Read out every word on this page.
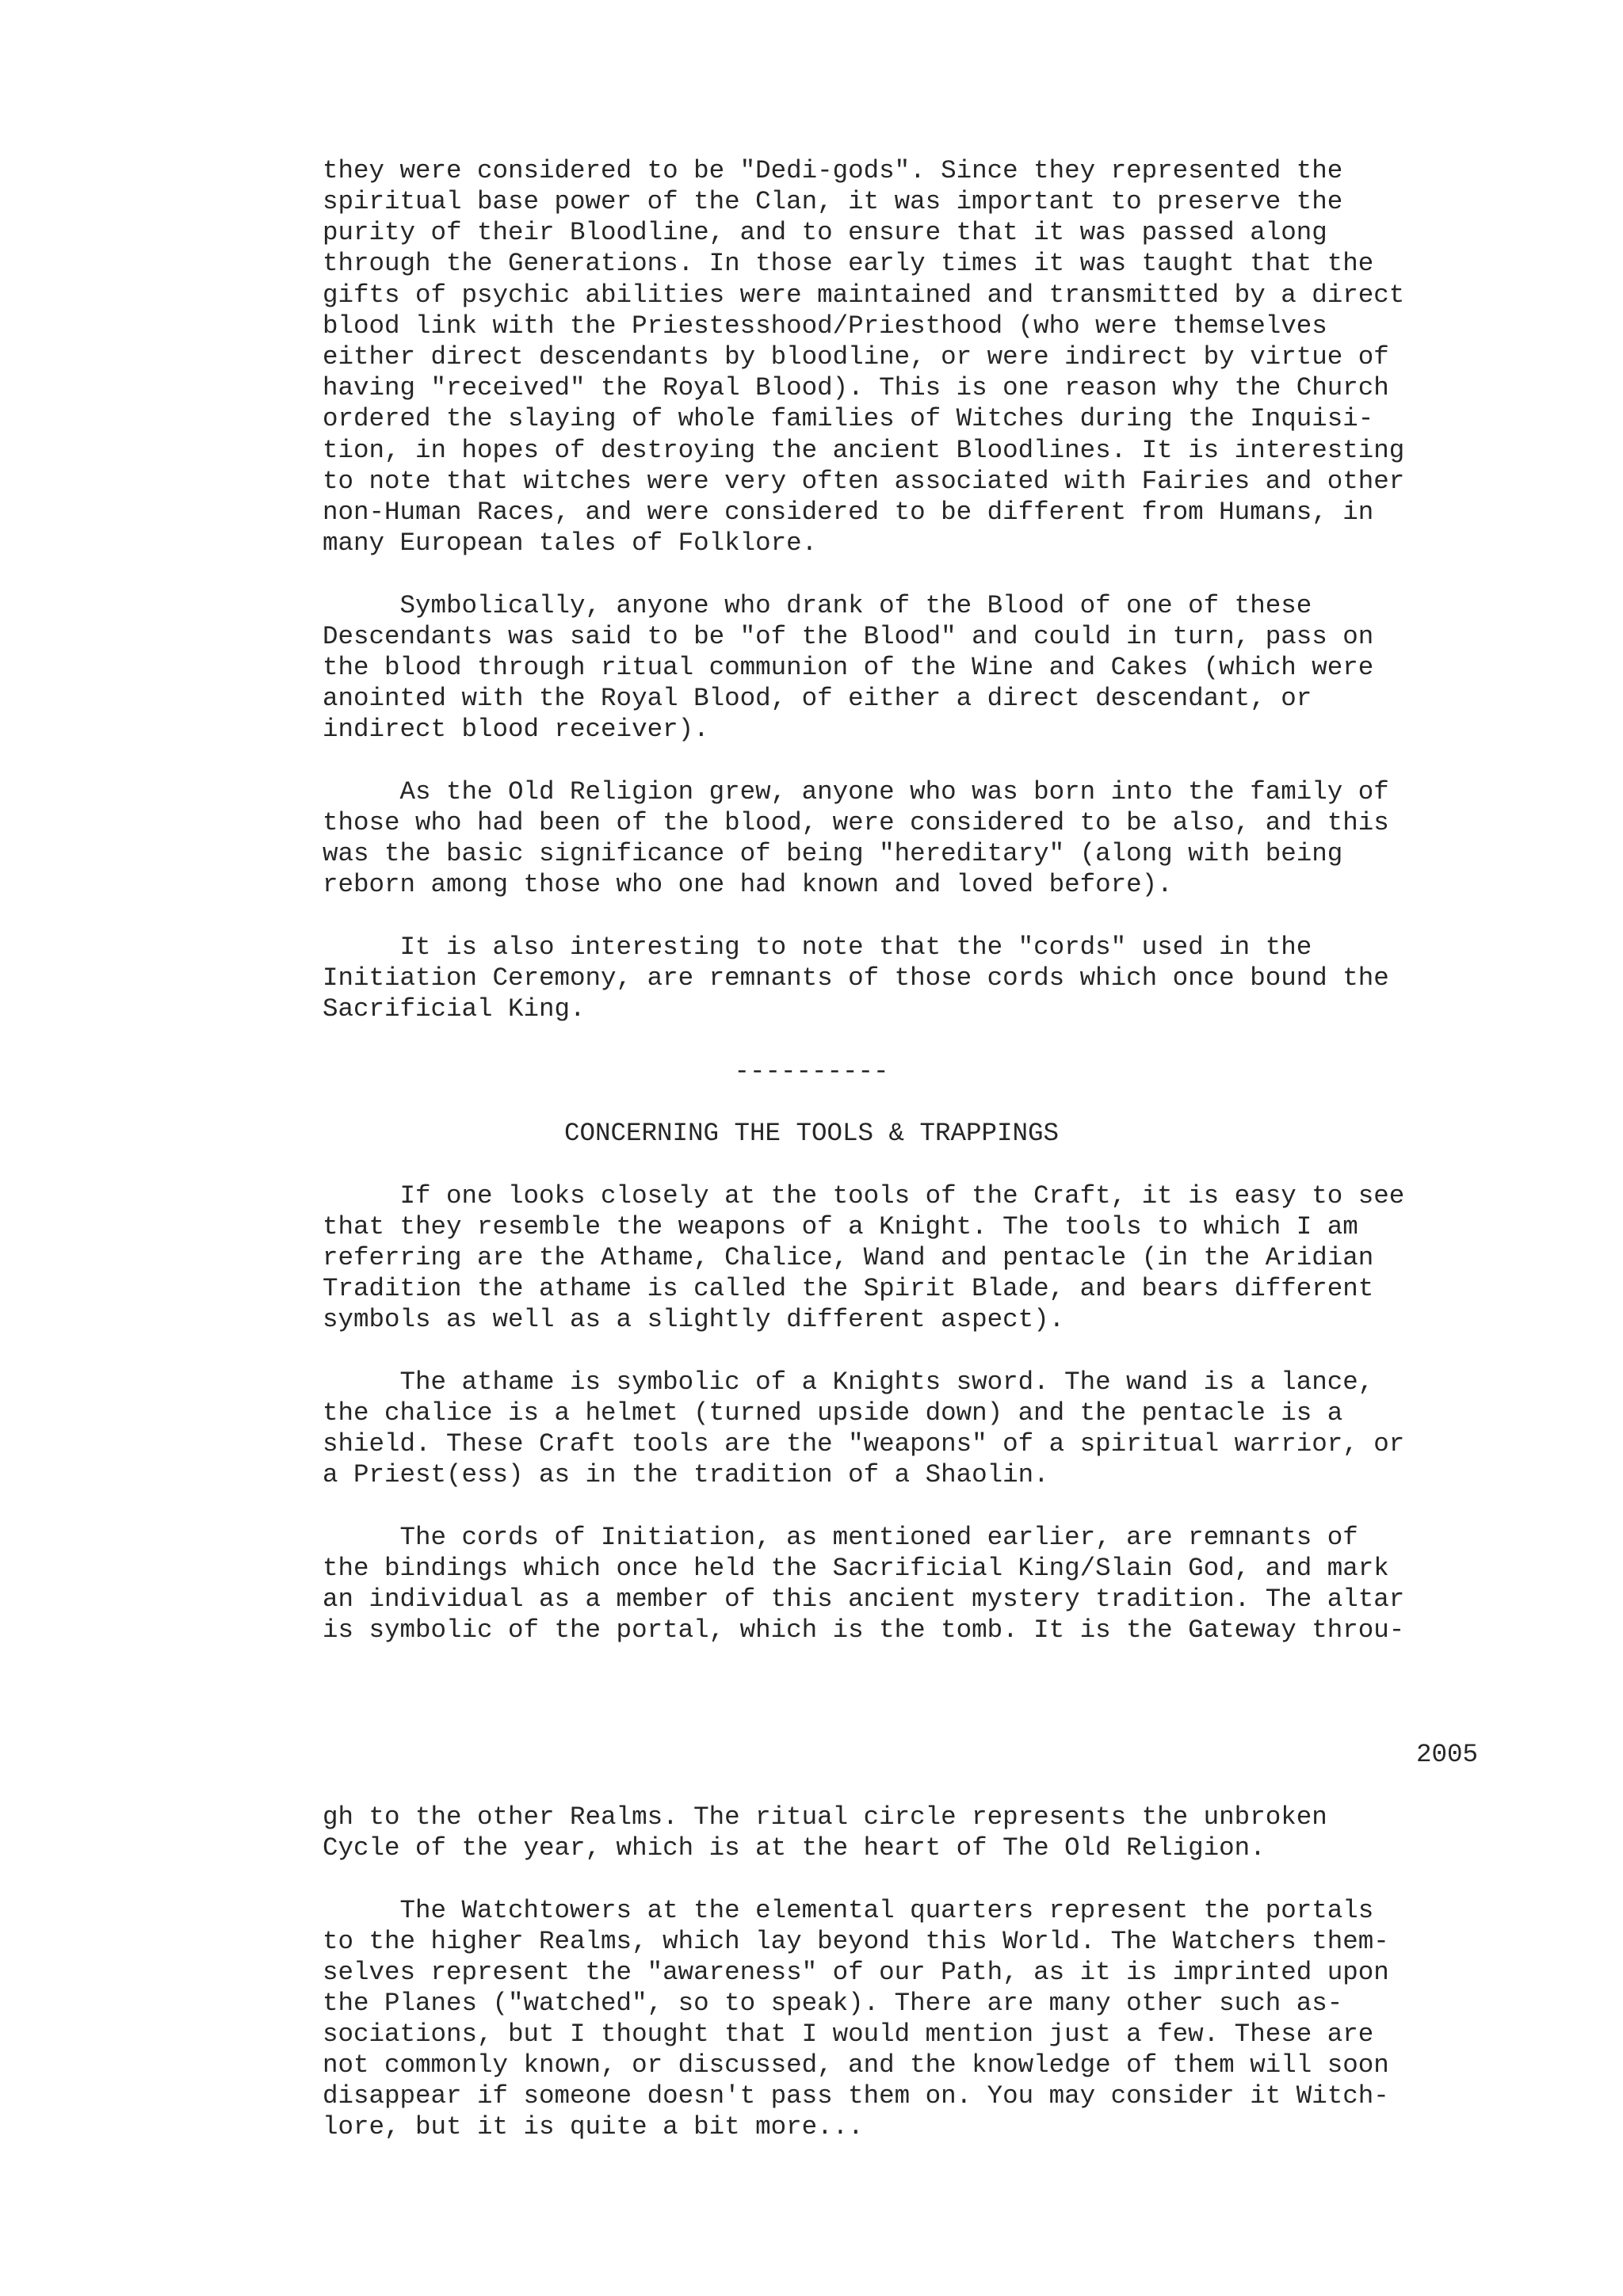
they were considered to be "Dedi-gods". Since they represented the

spiritual base power of the Clan, it was important to preserve the

purity of their Bloodline, and to ensure that it was passed along

through the Generations. In those early times it was taught that the

gifts of psychic abilities were maintained and transmitted by a direct

blood link with the Priestesshood/Priesthood (who were themselves

either direct descendants by bloodline, or were indirect by virtue of

having "received" the Royal Blood). This is one reason why the Church

ordered the slaying of whole families of Witches during the Inquisi-

tion, in hopes of destroying the ancient Bloodlines. It is interesting

to note that witches were very often associated with Fairies and other

non-Human Races, and were considered to be different from Humans, in

many European tales of Folklore.

Symbolically, anyone who drank of the Blood of one of these

Descendants was said to be "of the Blood" and could in turn, pass on

the blood through ritual communion of the Wine and Cakes (which were

anointed with the Royal Blood, of either a direct descendant, or

indirect blood receiver).

As the Old Religion grew, anyone who was born into the family of

those who had been of the blood, were considered to be also, and this

was the basic significance of being "hereditary" (along with being

reborn among those who one had known and loved before).

It is also interesting to note that the "cords" used in the

Initiation Ceremony, are remnants of those cords which once bound the

Sacrificial King.

----------

CONCERNING THE TOOLS & TRAPPINGS

If one looks closely at the tools of the Craft, it is easy to see

that they resemble the weapons of a Knight. The tools to which I am

referring are the Athame, Chalice, Wand and pentacle (in the Aridian

Tradition the athame is called the Spirit Blade, and bears different

symbols as well as a slightly different aspect).

The athame is symbolic of a Knights sword. The wand is a lance,

the chalice is a helmet (turned upside down) and the pentacle is a

shield. These Craft tools are the "weapons" of a spiritual warrior, or

a Priest(ess) as in the tradition of a Shaolin.

The cords of Initiation, as mentioned earlier, are remnants of

the bindings which once held the Sacrificial King/Slain God, and mark

an individual as a member of this ancient mystery tradition. The altar

is symbolic of the portal, which is the tomb. It is the Gateway throu-

2005

gh to the other Realms. The ritual circle represents the unbroken

Cycle of the year, which is at the heart of The Old Religion.

The Watchtowers at the elemental quarters represent the portals

to the higher Realms, which lay beyond this World. The Watchers them-

selves represent the "awareness" of our Path, as it is imprinted upon

the Planes ("watched", so to speak). There are many other such as-

sociations, but I thought that I would mention just a few. These are

not commonly known, or discussed, and the knowledge of them will soon

disappear if someone doesn't pass them on. You may consider it Witch-

lore, but it is quite a bit more...
